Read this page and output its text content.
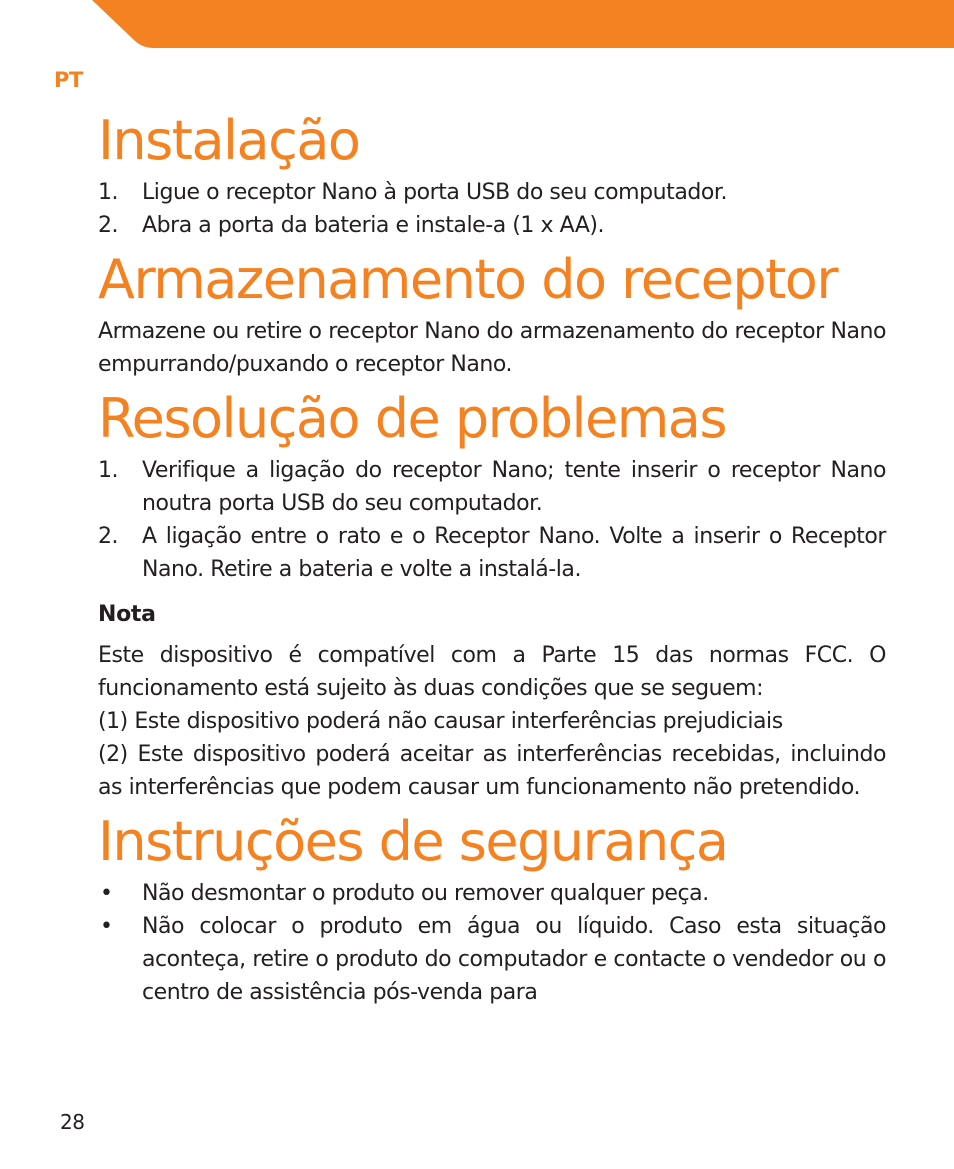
PT

Instalação
1. Ligue o receptor Nano à porta USB do seu computador.
2. Abra a porta da bateria e instale-a (1 x AA).
Armazenamento do receptor

Armazene ou retire o receptor Nano do armazenamento do receptor Nano empurrando/puxando o receptor Nano.

Resolução de problemas
1. Verifique a ligação do receptor Nano; tente inserir o receptor Nano noutra porta USB do seu computador.
2. A ligação entre o rato e o Receptor Nano. Volte a inserir o Receptor Nano. Retire a bateria e volte a instalá-la.
Nota

Este dispositivo é compatível com a Parte 15 das normas FCC. O funcionamento está sujeito às duas condições que se seguem:

(1) Este dispositivo poderá não causar interferências prejudiciais

(2) Este dispositivo poderá aceitar as interferências recebidas, incluindo as interferências que podem causar um funcionamento não pretendido.

Instruções de segurança
• Não desmontar o produto ou remover qualquer peça.
• Não colocar o produto em água ou líquido. Caso esta situação aconteça, retire o produto do computador e contacte o vendedor ou o centro de assistência pós-venda para

28
